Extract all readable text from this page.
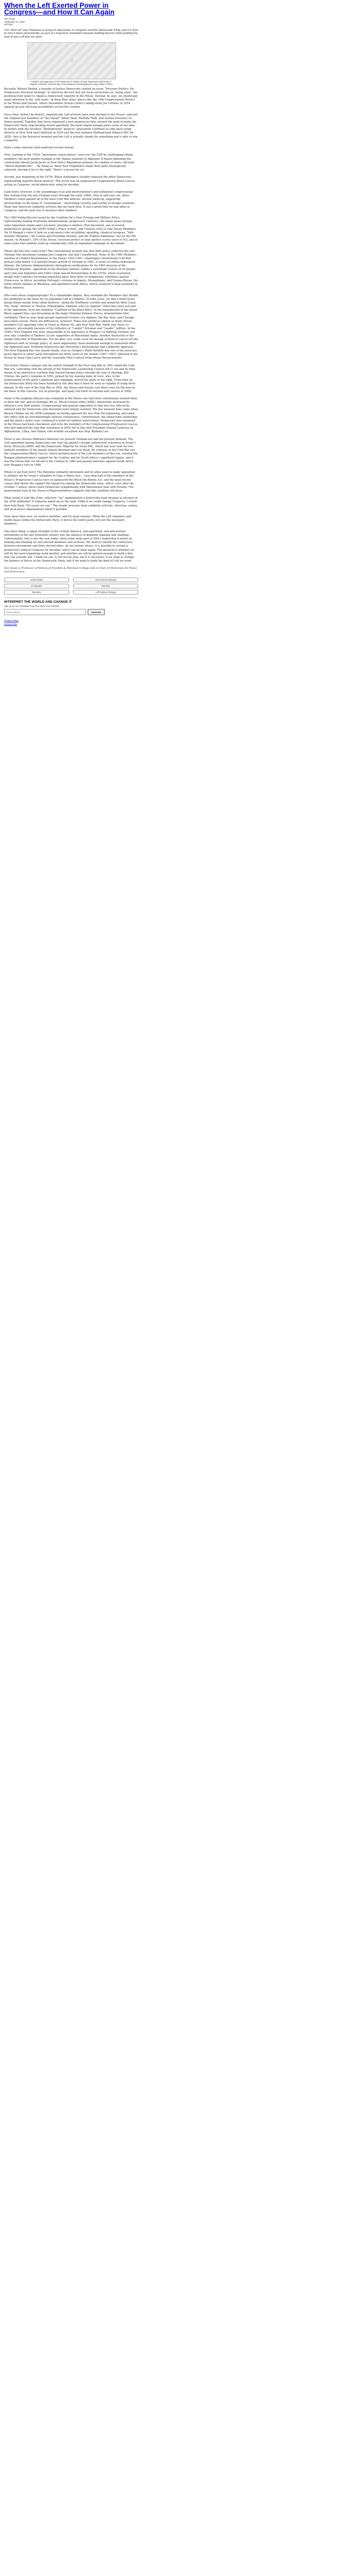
When the Left Exerted Power in Congress—and How It Can Again
Van Gosse
September 10, 2020
NATION

The “third rail” over Palestine is losing its fatal power in Congress and the Democratic Party, and it is time to shut it down permanently, as part of a long-term orientation towards building fascism while building the kind of new Left that we need.

▢
Families and supporters of the Movement of Victims of State Repression (MOVICE) in Bogotá, Colombia, mark the Day of the Detained and Disappeared. (Sean Glass / Flickr)

Recently, Waleed Shahid, a founder of Justice Democrats, posted an essay “Pressure Politics: On Progressive Electoral Strategy” in which he decried (but not focus exclusively on ‘swing seats’, the perennial holy grail) to regain a Democratic majority in the House. Instead, he says, we should pay equal attention to the ‘safe seats’. In deep Blue cities, places like the 14th Congressional District in the Bronx and Queens, where Alexandria Ocasio-Cortez’s taking down Joe Crowley in 2018 opened up new electoral possibilities across the country.

Since then, district by district, emphatically Left activists have won election to the House—and put the original four members of “the Squad” (Ilhan Omar, Rashida Tlaib, and Ayanna Pressley) on firmer ground. Together they have organized a new progressive bloc around the push to make the Democratic Party stop backing Israeli apartheid, the most urgent foreign policy issue of our time. In battles with the lucrative “Battleground” projects—grassroots coalitions to take back swing districts in New York and California in 2024 and the new national Battleground Alliance PAC for 2026—this is the historical moment and the Left is actually steady for something and is able to win a majority.

Here’s some relevant (and relatively recent) history.

First, starting in the 1970s “movement conservatives” took over the GOP by challenging sitting members; the most painful example is the Yankee washout of Alphonse D’Amato defeating the consistently liberal Jacob Javits in New York’s Republican primary. In a matter of years, old-style “liberal Republicans” ... By doing so, these New Englanders made their party ideologically coherent, moving it far to the right. There’s a lesson for us!

Second, also beginning in the 1970s, Black challengers steadily replaced the white Democrats representing majority-Black districts. The result was an empowered Congressional Black Caucus acting as Congress’ social-democratic wing for decades.

Look down, however, is the assemblage of an anti-interventionist (and unilateral) congressional bloc lasting from the late Vietnam years through the early 1990s. Year in and year out, these Members voted against all of the most Cold War policies: nuclear build-up, supporting dictatorships in the name of “containment,” intervening covertly and overtly in foreign countries. Many had American solidarity activists like me back then. It was a given that we had allies in Congress, and the goal was to increase their numbers.

The 1984 Voting Record issued by the Coalition for a New Foreign and Military Policy, representing leading Protestant denominations, progressive Catholics, the major peace groups, some important unions and a lot more, provides a window. That document, one of several published by groups like SANE (today’s Peace Action), and Chelsea votes to rate House Members. On 10 Reagan’s votes it took on a pro-peace vote on military spending, chemical weapons, “Anti-Satellite Weapons,” the Contas and Presiding missiles, and the Trident submarine, two on the MX missile, 4a Ronald’s, 25% of the House, received perfect or near perfect scores (zero or 93), and in some years that number went up considerably, with an expanded campaign in the Senate.

Where did this bloc come from? The conventional wisdom was that their policy reflected the anti-Vietnam War movement surging into Congress, but that’s insufficient. None of the 1984 Members, whether it’s Robert Kastenmeier, in the House 1959–1991—challenged conventional Cold War policies long before U.S.-ground troops arrived in Vietnam in 1965. A series of citizen-radicalized liberals, the Johnson Administration’s throughout justifications for its 1965 invasion of the Dominican Republic, opposition to the Brazilian military regime’s systematic torture of its people, and Cuba and Argentina and Chile’s dark spaced dictatorships in the 1970s, which resonated deeply with Catholics receiving anguished pleas from their co-religionists, rebellious against Franco-era, in Africa, including Portugal’s colonies in Angola, Mozambique, and Guinea-Bissau, the white-settler regimes in Rhodesia, and apartheid South Africa, which catalyzed a deep solidarity in Black America.

Who were these congresspeople? To a remarkable degree, they resemble the Members that Shahid has identified as the basis for an expanded Left in Congress. In both cases, we find a multi-racial group drawn mostly from urban districts—along the Northeast corridor and along the West Coast. The “deep” Antiwar of “Boston, Philadelphia, Oakland, and Los Angeles” when they were not part of the opposition. Even the eloquent “Coalition of the Black Belts” in the transmission of the moral Black support they cast dissenting on the major National Defense Forces, demonstrates that continuity. Then as now, large groups represent Greater Los Angeles, the Bay Area, and Chicago have been crucial. There are differences, however: Texas now produces almost as many House members (22) opposing votes in Israel as Illinois (6), and New York Rep. Holds only three co-sponsors, presumably because of the influence of “Leader” Schumer and “Leader” Jeffries. In the 1980s, New England was near unassailable in its opposition to Reagan’s re-fighting Vietnam, but now only a handful of Yankees (3) are supporters of Palestinian rights. Another distinction is the steady reduction of Republicans. For decades, you could count on enough of them to cancel out the rightward shift on foreign policy, or, more importantly, those moderate enough to somewhat offset the rightward lean. Northern Democrats like Wisconsin’s Kastenmeier had a different approach. The New England bloc has stayed steady, even as Oregon’s Mark Hatfield was one of the most pro-peace figures in either party throughout his thirty years in the Senate (1967–1997), followed in the House by Iowa’s Jim Leach and the venerable Ohio Centrist-from-whom Massachusetts.

The Soviet Union’s collapse and the hollow triumph of the First Iraq War in 1991 ended the Cold War era, coinciding with the advent of the Democratic Leadership Council (DLC) era and its fond dream of an ahistorical centrism that viewed foreign policy through the lens of ideology. Bill Clinton, the party’s nominee in 1992, picked for his running mate Al Gore, who, in his endorsement of the party’s platform and campaign, moved the party to the right. From then on, the Democratic Party has been haunted by the idea that it must be seen as capable of using force abroad. In the case of the Iraq War in 2002, the House and Senate cast their votes for the war on the basis of this concern, not on principle, and many lost their re-election and careers in 2006.

Many of the longtime liberals who remained in the House saw that their constituents wanted them to back the war, and accordingly did so. The pro-Israel lobby, AIPAC, meanwhile increased its influence over both parties. Congressional and popular opposition to that war was effectively silenced and the Democrats who dissented were largely isolated. The key moment here came when Barack Obama ran his 2008 campaign on having opposed the war from the beginning, and came into office with an overwhelmingly antiwar constituency. Unfortunately, the Democratic leadership and the party’s donor class continued to push for military intervention. Democrats who remained in the House had been chastened, and even the members of the Congressional Progressive Caucus who had opposed the Iraq War resolution in 2002 fell in line with President Obama’s policies on Afghanistan, Libya, and Yemen. One notable exception was Rep. Barbara Lee.

There is one obvious difference between our present Vietnam-era and the present moment. The Left opposition among Democrats now rises up against a deeply entrenched consensus in Israel’s favor, driven by AIPAC and the Democratic Majority for Israel PAC, which last year took out two stalwart members of the Squad: Jamaal Bowman and Cori Bush. By contrast, in the Cold War era the Congressional Black Caucus, which included most of the Left members of that era, resisted the Reagan administration’s support for the Contras and for South Africa’s apartheid regime, and it was the House that cut off aid to the Contras in 1984 and passed sanctions against South Africa over Reagan’s veto in 1986.

Where to go from here? The Palestine solidarity movement and its allies need to make opposition to military aid for Israel’s slaughter in Gaza a litmus test… Less than half of the members of the House’s Progressive Caucus have co-sponsored the Block the Bombs Act, and the most recent census that shows the support the Squad has among the Democratic base, which, even after the October 7 attack, shows more Democrats sympathizing with Palestinians than with Israelis. The generational turn in the House of Representatives suggests that this coalition will grow.

What would it look like if the collective “we” implemented a fork-in-the-road strategy in advance of the 2026 midterms? If someone asked me in the early 1980s if we could change Congress, I would have told them “Of course we can.” The steady pressure from solidarity activists, churches, unions, and local peace organizations made it possible.

Now, more than ever, we need to mobilize, and for good reasons. When the Left organizes and builds bases within the Democratic Party, it moves the entire party, not just the insurgent members.

One more thing: a signal strength of the Central America, anti-apartheid, and anti-nuclear movements of the late twentieth century was the absence of dogmatic blaming and shaming. Unfortunately, that is not the case today, when some large part of DSA’s leadership is intent on naming and shaming its own elected members and activists. We need to rebuild the connection between movements and their elected allies. As our history shows, it is possible to sustain a progressive wing in Congress for decades, and it can be done again. The question is whether we will do the hard organizing work needed, and whether we will be patient enough to build a bloc that can actually win. I think we can. It will not be easy, but it is necessary, if we want to change the balance of forces in the Democratic Party, and if we want to build the kind of Left we need.

Van Gosse is Professor of History at Franklin & Marshall College and co-chair of Historians for Peace and Democracy.

United States	International solidarity
El Salvador	Palestine
Elections	Left Political Strategy
INTERPRET THE WORLD AND CHANGE IT
Sign up for our newsletter to get the latest from Portside.
Email address
Subscribe
Privacy Policy
Unsubscribe
